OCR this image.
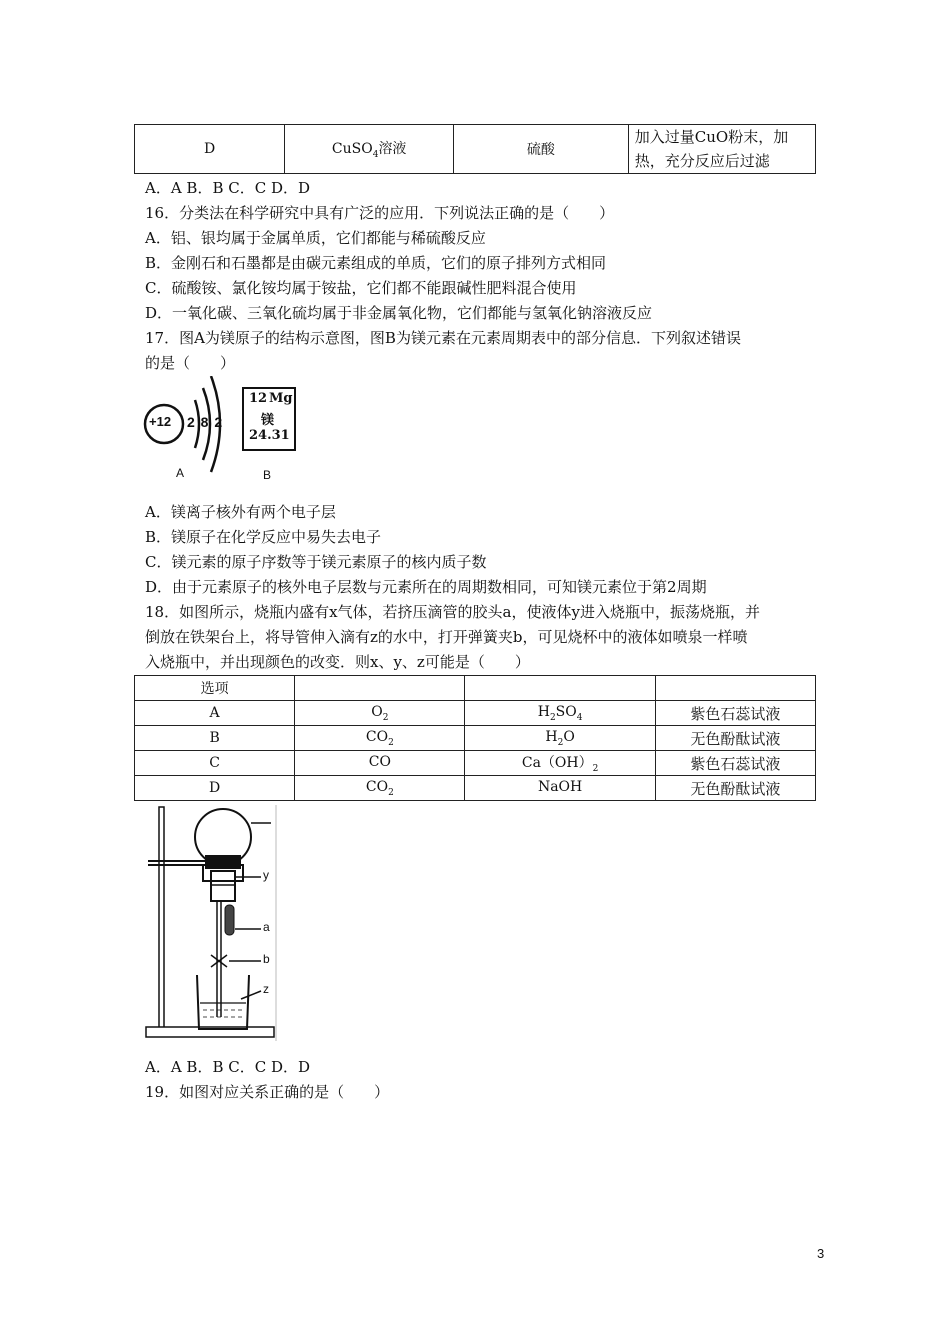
D	CuSO$_4$溶液	硫酸	加入过量CuO粉末，加热，充分反应后过滤
A．A B．B C．C D．D
16．分类法在科学研究中具有广泛的应用．下列说法正确的是（　　）
A．铝、银均属于金属单质，它们都能与稀硫酸反应
B．金刚石和石墨都是由碳元素组成的单质，它们的原子排列方式相同
C．硫酸铵、氯化铵均属于铵盐，它们都不能跟碱性肥料混合使用
D．一氧化碳、三氧化硫均属于非金属氧化物，它们都能与氢氧化钠溶液反应
17．图A为镁原子的结构示意图，图B为镁元素在元素周期表中的部分信息．下列叙述错误
的是（　　）
+12 2 8 2
A
12 Mg
镁
24.31
B
A．镁离子核外有两个电子层
B．镁原子在化学反应中易失去电子
C．镁元素的原子序数等于镁元素原子的核内质子数
D．由于元素原子的核外电子层数与元素所在的周期数相同，可知镁元素位于第2周期
18．如图所示，烧瓶内盛有x气体，若挤压滴管的胶头a，使液体y进入烧瓶中，振荡烧瓶，并
倒放在铁架台上，将导管伸入滴有z的水中，打开弹簧夹b，可见烧杯中的液体如喷泉一样喷
入烧瓶中，并出现颜色的改变．则x、y、z可能是（　　）
选项			
A	$O_2$	$H_2SO_4$	紫色石蕊试液
B	$CO_2$	$H_2O$	无色酚酞试液
C	CO	$Ca(OH)_2$	紫色石蕊试液
D	$CO_2$	NaOH	无色酚酞试液
y
a
b
z
A．A B．B C．C D．D
19．如图对应关系正确的是（　　）
3
